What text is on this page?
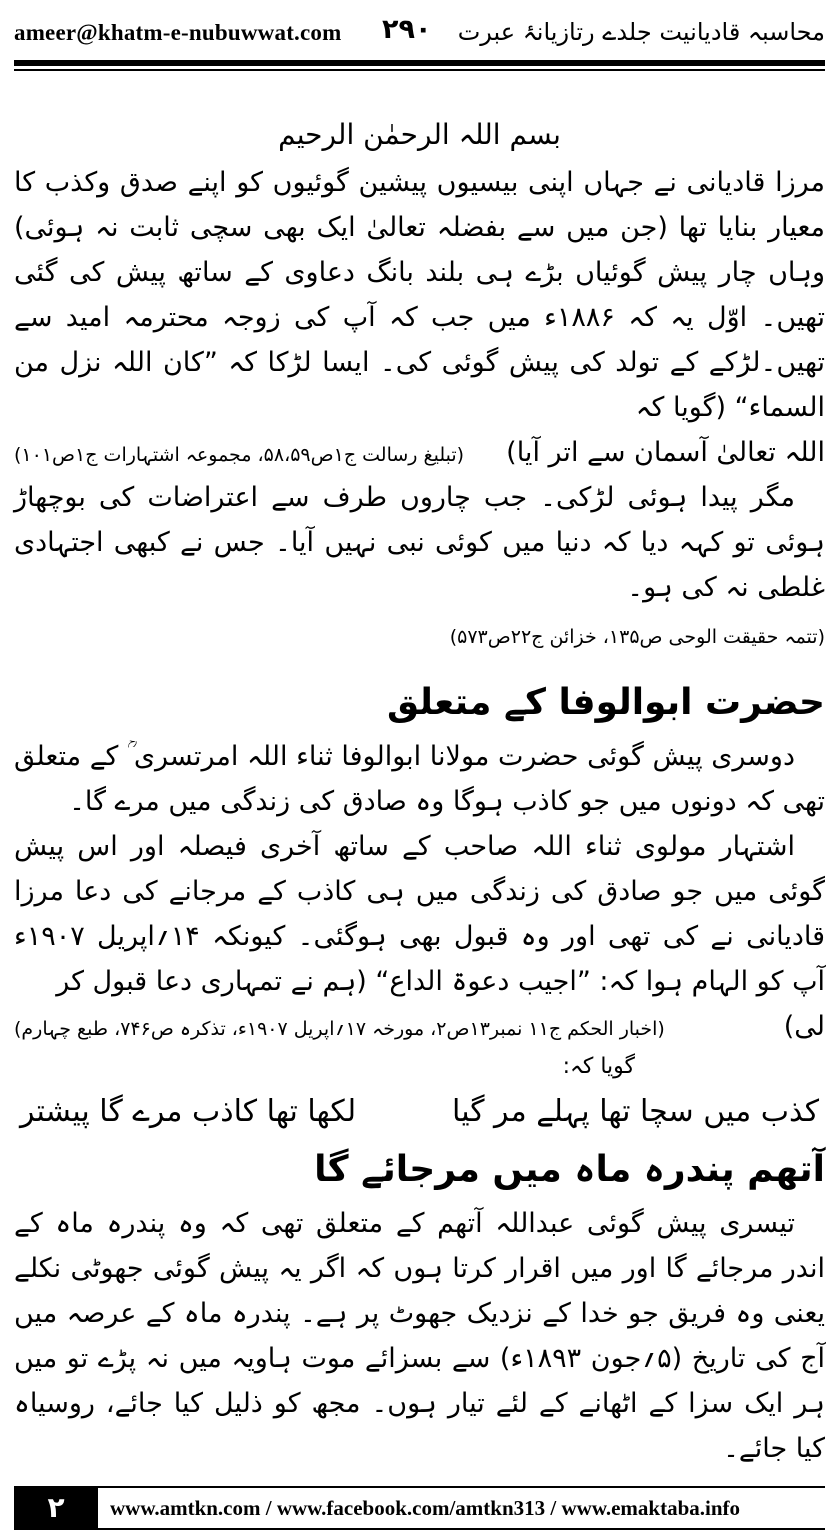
ameer@khatm-e-nubuwwat.com ۲۹۰ محاسبہ قادیانیت جلدے رتازیانۂ عبرت
بسم اللہ الرحمٰن الرحیم
مرزا قادیانی نے جہاں اپنی بیسیوں پیشین گوئیوں کو اپنے صدق وکذب کا معیار بنایا تھا (جن میں سے بفضلہ تعالیٰ ایک بھی سچی ثابت نہ ہوئی) وہاں چار پیش گوئیاں بڑے ہی بلند بانگ دعاوی کے ساتھ پیش کی گئی تھیں۔ اوّل یہ کہ ۱۸۸۶ء میں جب کہ آپ کی زوجہ محترمہ امید سے تھیں۔لڑکے کے تولد کی پیش گوئی کی۔ ایسا لڑکا کہ ”کان اللہ نزل من السماء“ (گویا کہ
اللہ تعالیٰ آسمان سے اتر آیا)
(تبلیغ رسالت ج۱ص۵۸،۵۹، مجموعہ اشتہارات ج۱ص۱۰۱)
مگر پیدا ہوئی لڑکی۔ جب چاروں طرف سے اعتراضات کی بوچھاڑ ہوئی تو کہہ دیا کہ دنیا میں کوئی نبی نہیں آیا۔ جس نے کبھی اجتہادی غلطی نہ کی ہو۔
(تتمہ حقیقت الوحی ص۱۳۵، خزائن ج۲۲ص۵۷۳)
حضرت ابوالوفا کے متعلق
دوسری پیش گوئی حضرت مولانا ابوالوفا ثناء اللہ امرتسری ؒ کے متعلق تھی کہ دونوں میں جو کاذب ہوگا وہ صادق کی زندگی میں مرے گا۔
اشتہار مولوی ثناء اللہ صاحب کے ساتھ آخری فیصلہ اور اس پیش گوئی میں جو صادق کی زندگی میں ہی کاذب کے مرجانے کی دعا مرزا قادیانی نے کی تھی اور وہ قبول بھی ہوگئی۔ کیونکہ ۱۴؍اپریل ۱۹۰۷ء آپ کو الہام ہوا کہ: ”اجیب دعوۃ الداع“ (ہم نے تمہاری دعا قبول کر
لی)
(اخبار الحکم ج۱۱ نمبر۱۳ص۲، مورخہ ۱۷؍اپریل ۱۹۰۷ء، تذکرہ ص۷۴۶، طبع چہارم)
گویا کہ:
کذب میں سچا تھا پہلے مر گیا
لکھا تھا کاذب مرے گا پیشتر
آتھم پندرہ ماہ میں مرجائے گا
تیسری پیش گوئی عبداللہ آتھم کے متعلق تھی کہ وہ پندرہ ماہ کے اندر مرجائے گا اور میں اقرار کرتا ہوں کہ اگر یہ پیش گوئی جھوٹی نکلے یعنی وہ فریق جو خدا کے نزدیک جھوٹ پر ہے۔ پندرہ ماہ کے عرصہ میں آج کی تاریخ (۵؍جون ۱۸۹۳ء) سے بسزائے موت ہاویہ میں نہ پڑے تو میں ہر ایک سزا کے اٹھانے کے لئے تیار ہوں۔ مجھ کو ذلیل کیا جائے، روسیاہ کیا جائے۔
۲	www.amtkn.com / www.facebook.com/amtkn313 / www.emaktaba.info
